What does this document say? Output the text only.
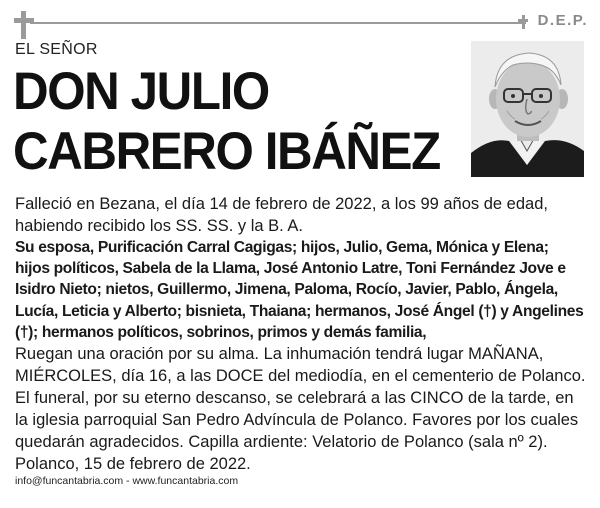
D.E.P.
EL SEÑOR
DON JULIO
CABRERO IBÁÑEZ

Falleció en Bezana, el día 14 de febrero de 2022, a los 99 años de edad, habiendo recibido los SS. SS. y la B. A.

Su esposa, Purificación Carral Cagigas; hijos, Julio, Gema, Mónica y Elena; hijos políticos, Sabela de la Llama, José Antonio Latre, Toni Fernández Jove e Isidro Nieto; nietos, Guillermo, Jimena, Paloma, Rocío, Javier, Pablo, Ángela, Lucía, Leticia y Alberto; bisnieta, Thaiana; hermanos, José Ángel (†) y Angelines (†); hermanos políticos, sobrinos, primos y demás familia,

Ruegan una oración por su alma. La inhumación tendrá lugar MAÑANA, MIÉRCOLES, día 16, a las DOCE del mediodía, en el cementerio de Polanco. El funeral, por su eterno descanso, se celebrará a las CINCO de la tarde, en la iglesia parroquial San Pedro Advíncula de Polanco. Favores por los cuales quedarán agradecidos. Capilla ardiente: Velatorio de Polanco (sala nº 2).

Polanco, 15 de febrero de 2022.

info@funcantabria.com - www.funcantabria.com
